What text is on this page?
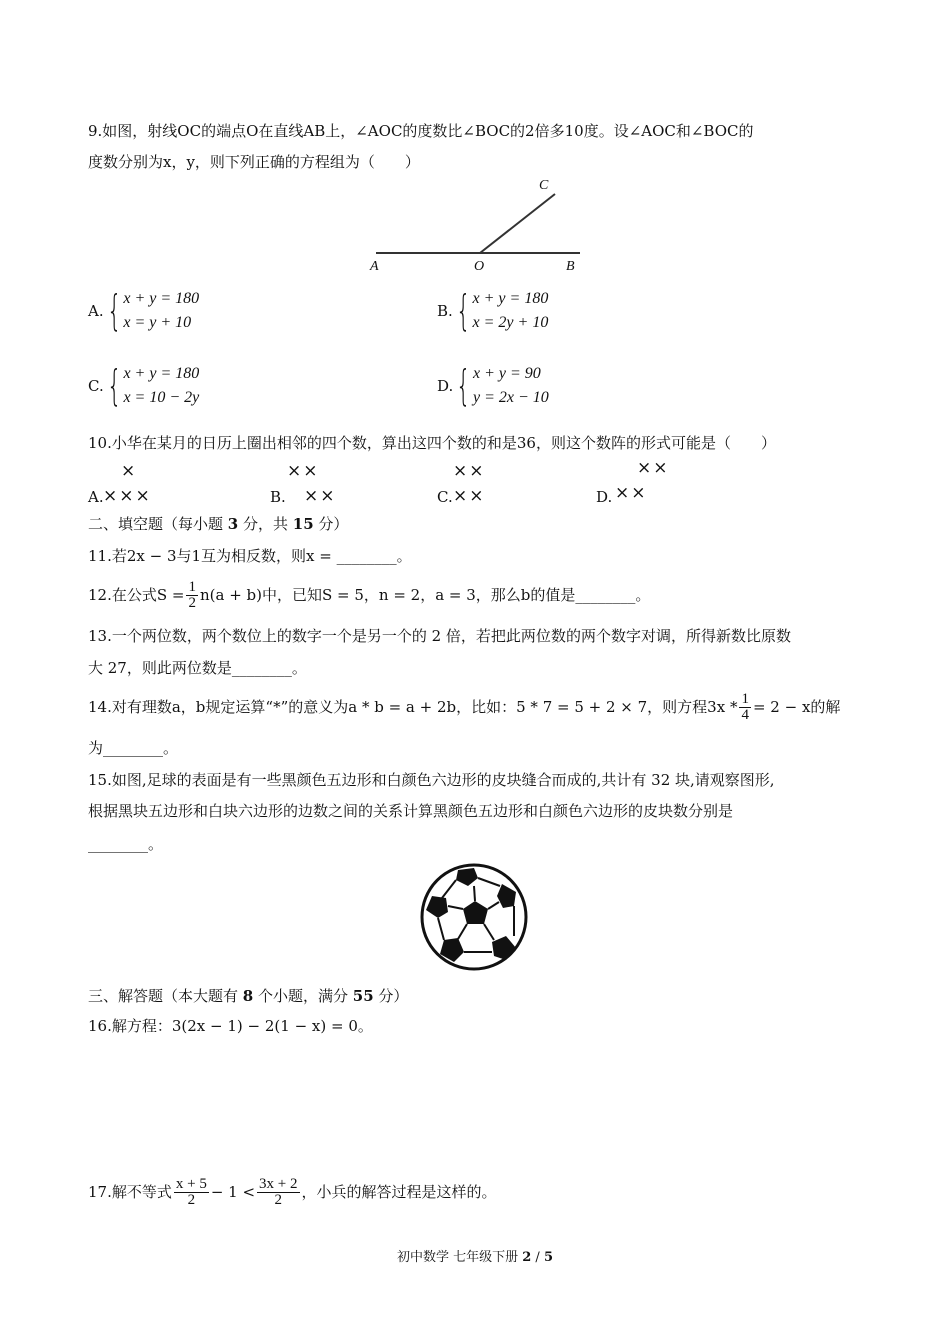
9.如图，射线OC的端点O在直线AB上，∠AOC的度数比∠BOC的2倍多10度。设∠AOC和∠BOC的
度数分别为x，y，则下列正确的方程组为（　　）
A	O	B
C
A. { x + y = 180
x = y + 10
B. { x + y = 180
x = 2y + 10
C. { x + y = 180
x = 10 − 2y
D. { x + y = 90
y = 2x − 10
10.小华在某月的日历上圈出相邻的四个数，算出这四个数的和是36，则这个数阵的形式可能是（　　）
×
A. ×××
××
B. ××
××
C. ××
××
D. ××
二、填空题（每小题 3 分，共 15 分）
11.若2x − 3与1互为相反数，则x = ________。
12.在公式$S = \frac{1}{2} n(a + b)$中，已知S = 5，n = 2，a = 3，那么b的值是________。
13.一个两位数，两个数位上的数字一个是另一个的 2 倍，若把此两位数的两个数字对调，所得新数比原数
大 27，则此两位数是________。
14.对有理数a，b规定运算“*”的意义为a * b = a + 2b，比如：5 * 7 = 5 + 2 × 7，则方程$3x * \frac{1}{4} = 2 - x$的解
为________。
15.如图,足球的表面是有一些黑颜色五边形和白颜色六边形的皮块缝合而成的,共计有 32 块,请观察图形,
根据黑块五边形和白块六边形的边数之间的关系计算黑颜色五边形和白颜色六边形的皮块数分别是
________。
三、解答题（本大题有 8 个小题，满分 55 分）
16.解方程：3(2x − 1) − 2(1 − x) = 0。
17.解不等式 $\frac{x + 5}{2} - 1 < \frac{3x + 2}{2}$ ，小兵的解答过程是这样的。
初中数学 七年级下册 2 / 5
